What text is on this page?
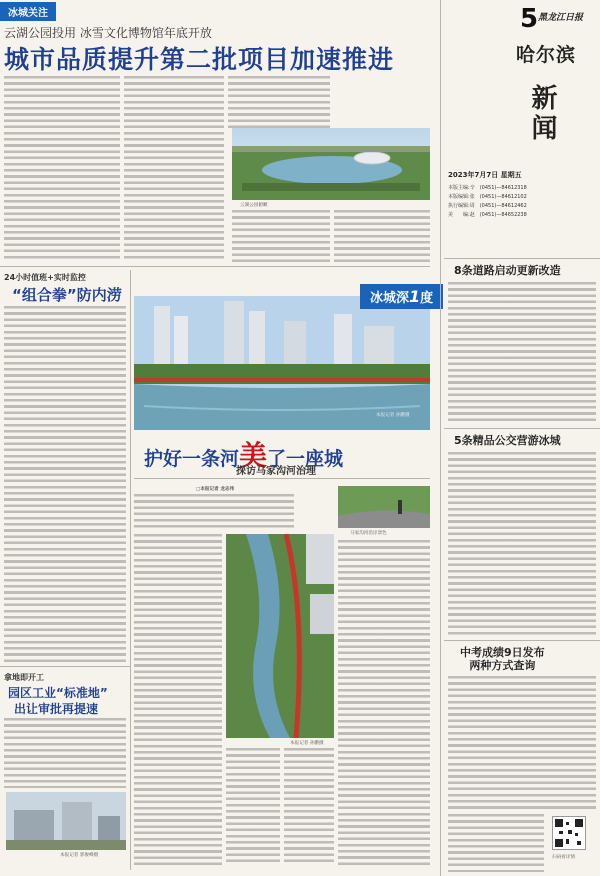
冰城关注
云湖公园投用 冰雪文化博物馆年底开放
城市品质提升第二批项目加速推进
云湖公园俯瞰
5 黑龙江日报
哈尔滨
新闻
2023年7月7日 星期五
本版主编:辛　 (0451)—84612318
本版编辑:张　 (0451)—84612102
执行编辑:周　 (0451)—84612462
美　　编:赵　 (0451)—84652238
8条道路启动更新改造
5条精品公交营游冰城
中考成绩9日发布
两种方式查询
扫码看详情
24小时值班+实时监控
“组合拳”防内涝
本报记者 孙鹏摄
冰城深1度
护好一条河美了一座城
探访马家沟河治理
□本报记者 龙志伟
本报记者 孙鹏摄
马家沟河沿岸景色
拿地即开工
园区工业“标准地”
出让审批再提速
本报记者 郭俊峰摄
